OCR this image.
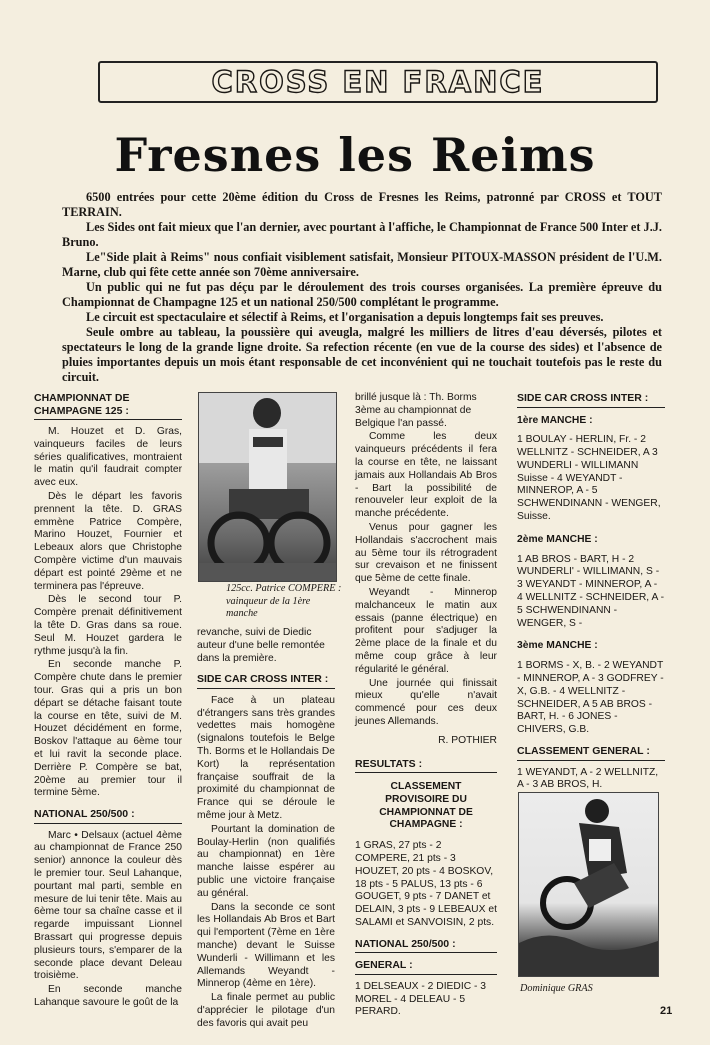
CROSS EN FRANCE
Fresnes les Reims

6500 entrées pour cette 20ème édition du Cross de Fresnes les Reims, patronné par CROSS et TOUT TERRAIN.

Les Sides ont fait mieux que l'an dernier, avec pourtant à l'affiche, le Championnat de France 500 Inter et J.J. Bruno.

Le"Side plait à Reims" nous confiait visiblement satisfait, Monsieur PITOUX-MASSON président de l'U.M. Marne, club qui fête cette année son 70ème anniversaire.

Un public qui ne fut pas déçu par le déroulement des trois courses organisées. La première épreuve du Championnat de Champagne 125 et un national 250/500 complétant le programme.

Le circuit est spectaculaire et sélectif à Reims, et l'organisation a depuis longtemps fait ses preuves.

Seule ombre au tableau, la poussière qui aveugla, malgré les milliers de litres d'eau déversés, pilotes et spectateurs le long de la grande ligne droite. Sa refection récente (en vue de la course des sides) et l'absence de pluies importantes depuis un mois étant responsable de cet inconvénient qui ne touchait toutefois pas le reste du circuit.

CHAMPIONNAT DE CHAMPAGNE 125 :

M. Houzet et D. Gras, vainqueurs faciles de leurs séries qualificatives, montraient le matin qu'il faudrait compter avec eux.

Dès le départ les favoris prennent la tête. D. GRAS emmène Patrice Compère, Marino Houzet, Fournier et Lebeaux alors que Christophe Compère victime d'un mauvais départ est pointé 29ème et ne terminera pas l'épreuve.

Dès le second tour P. Compère prenait définitivement la tête D. Gras dans sa roue. Seul M. Houzet gardera le rythme jusqu'à la fin.

En seconde manche P. Compère chute dans le premier tour. Gras qui a pris un bon départ se détache faisant toute la course en tête, suivi de M. Houzet décidément en forme, Boskov l'attaque au 6ème tour et lui ravit la seconde place. Derrière P. Compère se bat, 20ème au premier tour il termine 5ème.

NATIONAL 250/500 :

Marc • Delsaux (actuel 4ème au championnat de France 250 senior) annonce la couleur dès le premier tour. Seul Lahanque, pourtant mal parti, semble en mesure de lui tenir tête. Mais au 6ème tour sa chaîne casse et il regarde impuissant Lionnel Brassart qui progresse depuis plusieurs tours, s'emparer de la seconde place devant Deleau troisième.

En seconde manche Lahanque savoure le goût de la

125cc. Patrice COMPERE : vainqueur de la 1ère manche

revanche, suivi de Diedic auteur d'une belle remontée dans la première.

SIDE CAR CROSS INTER :

Face à un plateau d'étrangers sans très grandes vedettes mais homogène (signalons toutefois le Belge Th. Borms et le Hollandais De Kort) la représentation française souffrait de la proximité du championnat de France qui se déroule le même jour à Metz.

Pourtant la domination de Boulay-Herlin (non qualifiés au championnat) en 1ère manche laisse espérer au public une victoire française au général.

Dans la seconde ce sont les Hollandais Ab Bros et Bart qui l'emportent (7ème en 1ère manche) devant le Suisse Wunderli - Willimann et les Allemands Weyandt - Minnerop (4ème en 1ère).

La finale permet au public d'apprécier le pilotage d'un des favoris qui avait peu

brillé jusque là : Th. Borms 3ème au championnat de Belgique l'an passé.

Comme les deux vainqueurs précédents il fera la course en tête, ne laissant jamais aux Hollandais Ab Bros - Bart la possibilité de renouveler leur exploit de la manche précédente.

Venus pour gagner les Hollandais s'accrochent mais au 5ème tour ils rétrogradent sur crevaison et ne finissent que 5ème de cette finale.

Weyandt - Minnerop malchanceux le matin aux essais (panne électrique) en profitent pour s'adjuger la 2ème place de la finale et du même coup grâce à leur régularité le général.

Une journée qui finissait mieux qu'elle n'avait commencé pour ces deux jeunes Allemands.

R. POTHIER

RESULTATS :

CLASSEMENT PROVISOIRE DU CHAMPIONNAT DE CHAMPAGNE :

1 GRAS, 27 pts - 2 COMPERE, 21 pts - 3 HOUZET, 20 pts - 4 BOSKOV, 18 pts - 5 PALUS, 13 pts - 6 GOUGET, 9 pts - 7 DANET et DELAIN, 3 pts - 9 LEBEAUX et SALAMI et SANVOISIN, 2 pts.

NATIONAL 250/500 :
GENERAL :

1 DELSEAUX - 2 DIEDIC - 3 MOREL - 4 DELEAU - 5 PERARD.

SIDE CAR CROSS INTER :
1ère MANCHE :

1 BOULAY - HERLIN, Fr. - 2 WELLNITZ - SCHNEIDER, A 3 WUNDERLI - WILLIMANN Suisse - 4 WEYANDT - MINNEROP, A - 5 SCHWENDINANN - WENGER, Suisse.

2ème MANCHE :

1 AB BROS - BART, H - 2 WUNDERLI' - WILLIMANN, S - 3 WEYANDT - MINNEROP, A - 4 WELLNITZ - SCHNEIDER, A - 5 SCHWENDINANN - WENGER, S -

3ème MANCHE :

1 BORMS - X, B. - 2 WEYANDT - MINNEROP, A - 3 GODFREY - X, G.B. - 4 WELLNITZ - SCHNEIDER, A 5 AB BROS - BART, H. - 6 JONES - CHIVERS, G.B.

CLASSEMENT GENERAL :

1 WEYANDT, A - 2 WELLNITZ, A - 3 AB BROS, H.

Dominique GRAS
21
